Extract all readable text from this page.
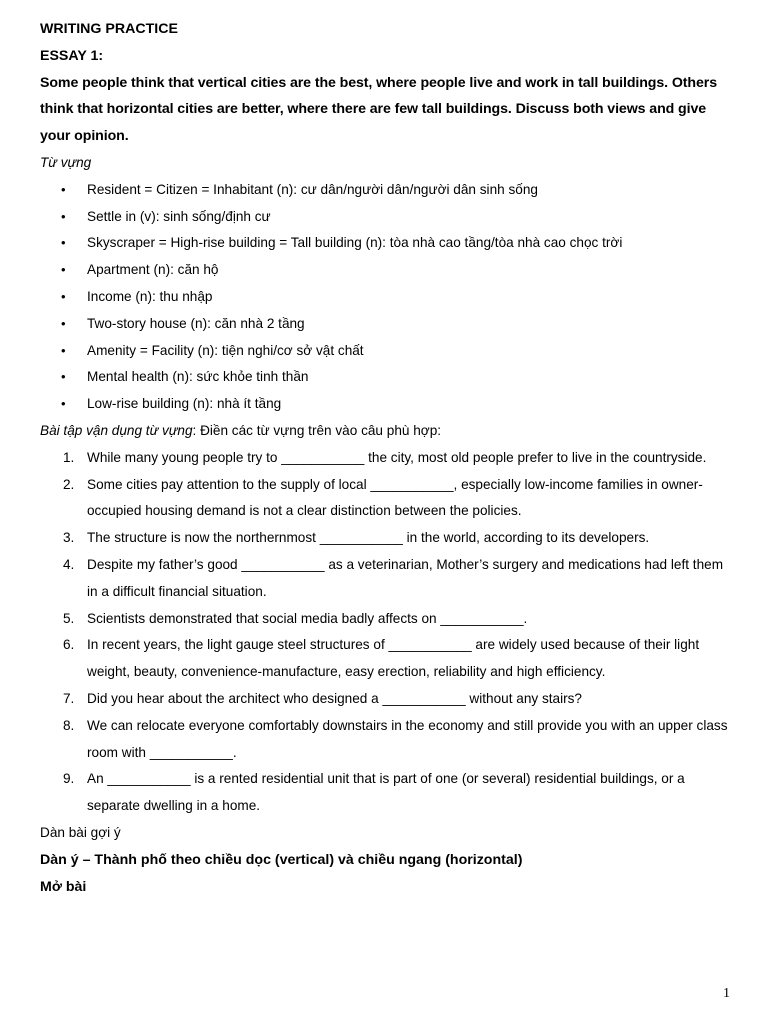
WRITING PRACTICE
ESSAY 1:
Some people think that vertical cities are the best, where people live and work in tall buildings. Others think that horizontal cities are better, where there are few tall buildings. Discuss both views and give your opinion.
Từ vựng
• Resident = Citizen = Inhabitant (n): cư dân/người dân/người dân sinh sống
• Settle in (v): sinh sống/định cư
• Skyscraper = High-rise building = Tall building (n): tòa nhà cao tầng/tòa nhà cao chọc trời
• Apartment (n): căn hộ
• Income (n): thu nhập
• Two-story house (n): căn nhà 2 tầng
• Amenity = Facility (n): tiện nghi/cơ sở vật chất
• Mental health (n): sức khỏe tinh thần
• Low-rise building (n): nhà ít tầng
Bài tập vận dụng từ vựng: Điền các từ vựng trên vào câu phù hợp:
1. While many young people try to ___________ the city, most old people prefer to live in the countryside.
2. Some cities pay attention to the supply of local ___________, especially low-income families in owner-occupied housing demand is not a clear distinction between the policies.
3. The structure is now the northernmost ___________ in the world, according to its developers.
4. Despite my father’s good ___________ as a veterinarian, Mother’s surgery and medications had left them in a difficult financial situation.
5. Scientists demonstrated that social media badly affects on ___________.
6. In recent years, the light gauge steel structures of ___________ are widely used because of their light weight, beauty, convenience-manufacture, easy erection, reliability and high efficiency.
7. Did you hear about the architect who designed a ___________ without any stairs?
8. We can relocate everyone comfortably downstairs in the economy and still provide you with an upper class room with ___________.
9. An ___________ is a rented residential unit that is part of one (or several) residential buildings, or a separate dwelling in a home.
Dàn bài gợi ý
Dàn ý – Thành phố theo chiều dọc (vertical) và chiều ngang (horizontal)
Mở bài
1
